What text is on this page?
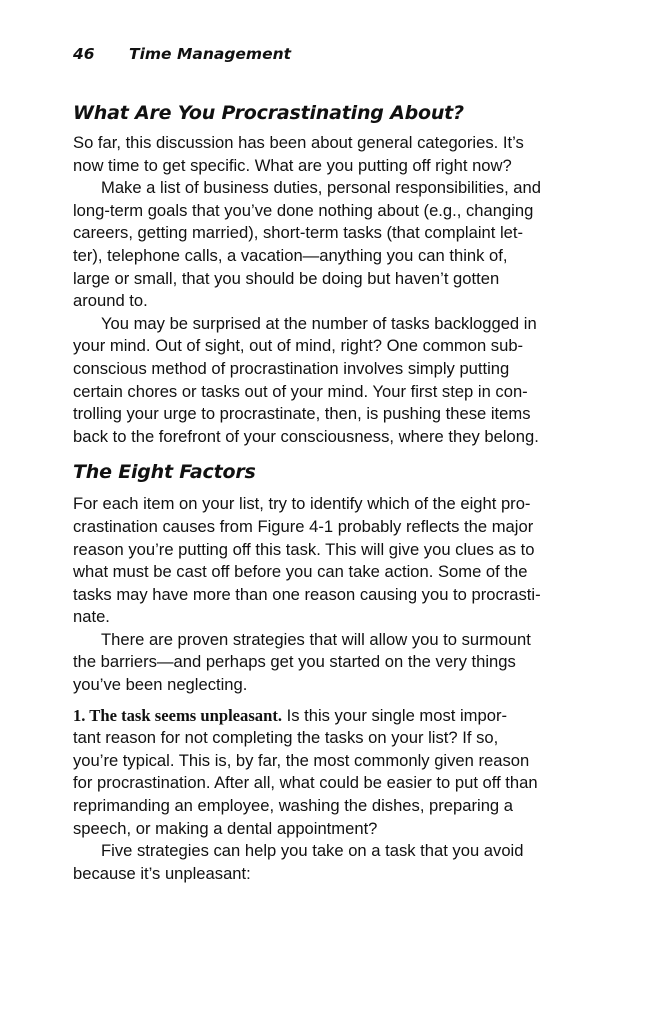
46 Time Management
What Are You Procrastinating About?
So far, this discussion has been about general categories. It’s
now time to get specific. What are you putting off right now?
Make a list of business duties, personal responsibilities, and
long-term goals that you’ve done nothing about (e.g., changing
careers, getting married), short-term tasks (that complaint let-
ter), telephone calls, a vacation—anything you can think of,
large or small, that you should be doing but haven’t gotten
around to.
You may be surprised at the number of tasks backlogged in
your mind. Out of sight, out of mind, right? One common sub-
conscious method of procrastination involves simply putting
certain chores or tasks out of your mind. Your first step in con-
trolling your urge to procrastinate, then, is pushing these items
back to the forefront of your consciousness, where they belong.
The Eight Factors
For each item on your list, try to identify which of the eight pro-
crastination causes from Figure 4-1 probably reflects the major
reason you’re putting off this task. This will give you clues as to
what must be cast off before you can take action. Some of the
tasks may have more than one reason causing you to procrasti-
nate.
There are proven strategies that will allow you to surmount
the barriers—and perhaps get you started on the very things
you’ve been neglecting.
1. The task seems unpleasant. Is this your single most impor-
tant reason for not completing the tasks on your list? If so,
you’re typical. This is, by far, the most commonly given reason
for procrastination. After all, what could be easier to put off than
reprimanding an employee, washing the dishes, preparing a
speech, or making a dental appointment?
Five strategies can help you take on a task that you avoid
because it’s unpleasant:
